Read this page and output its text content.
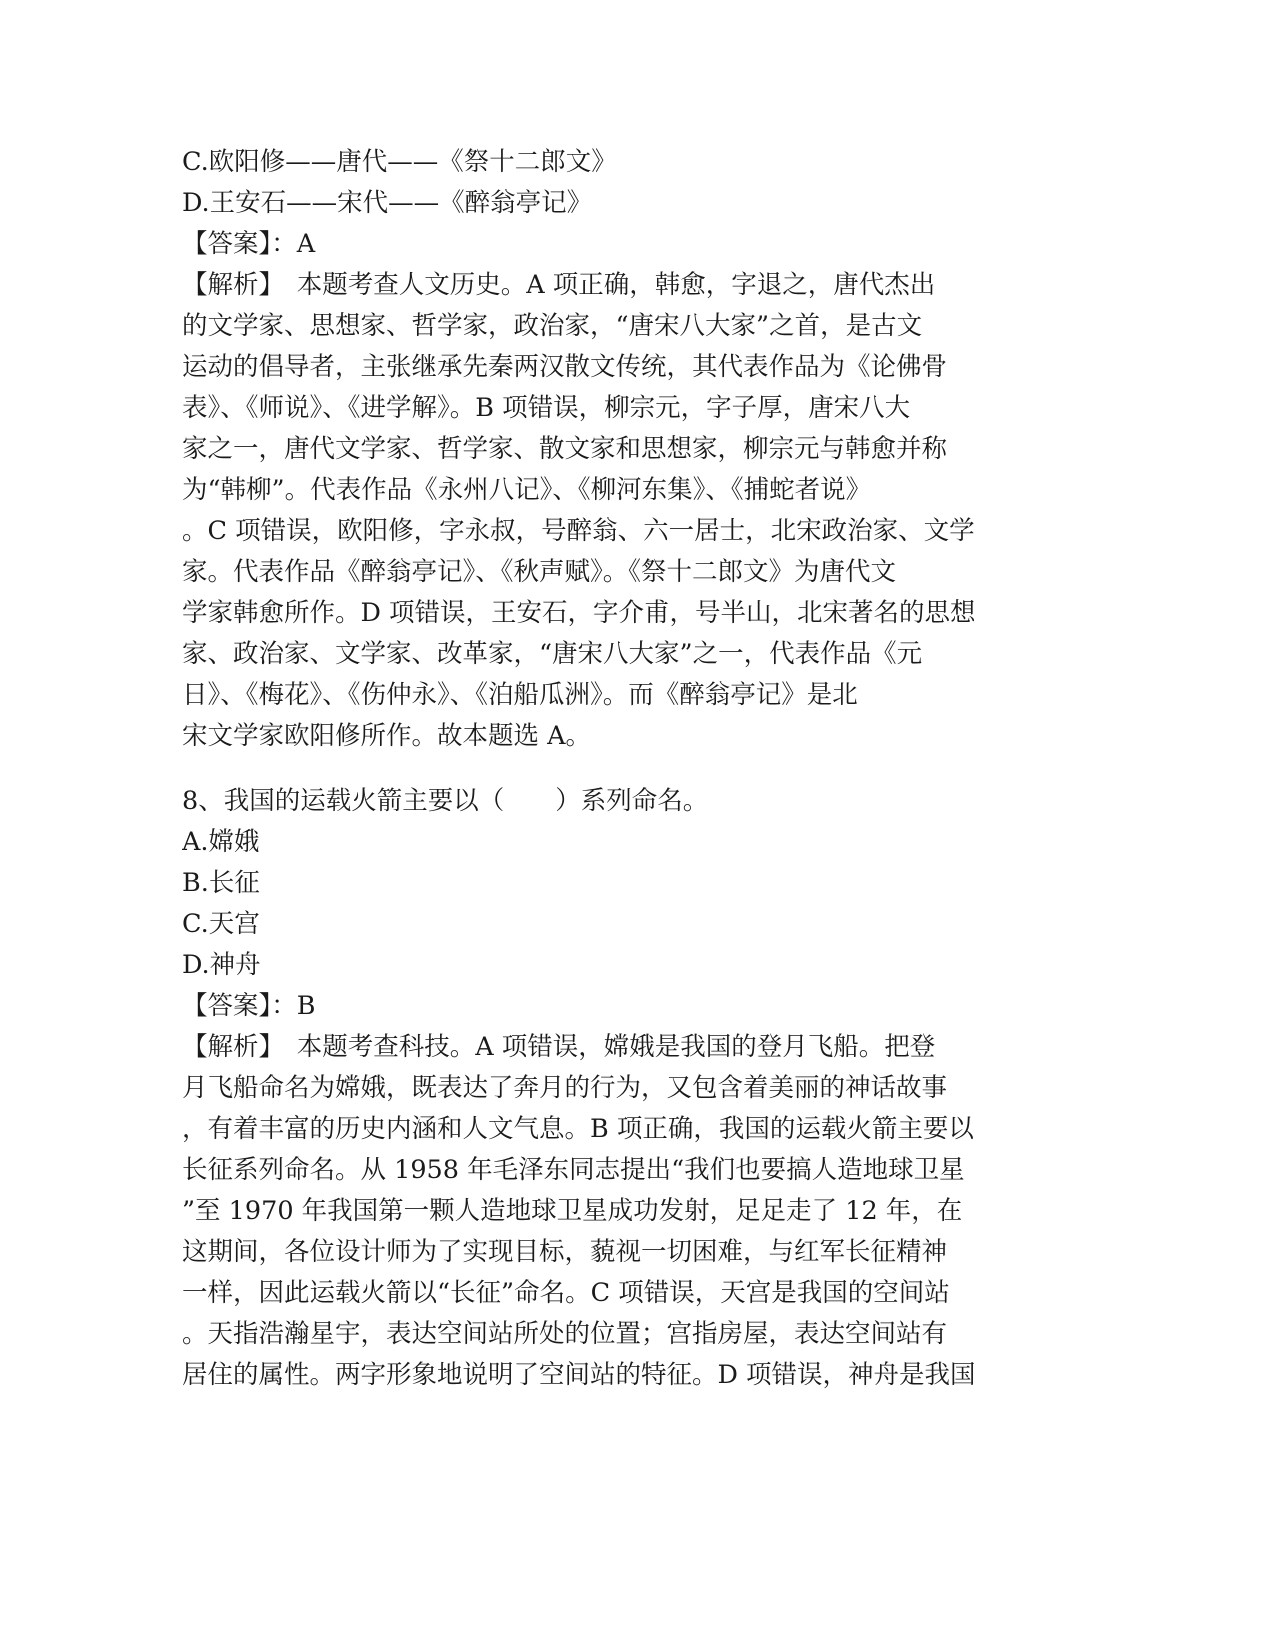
C.欧阳修——唐代——《祭十二郎文》
D.王安石——宋代——《醉翁亭记》
【答案】：A
【解析】　本题考查人文历史。A 项正确，韩愈，字退之，唐代杰出
的文学家、思想家、哲学家，政治家，“唐宋八大家”之首，是古文
运动的倡导者，主张继承先秦两汉散文传统，其代表作品为《论佛骨
表》、《师说》、《进学解》。B 项错误，柳宗元，字子厚，唐宋八大
家之一，唐代文学家、哲学家、散文家和思想家，柳宗元与韩愈并称
为“韩柳”。代表作品《永州八记》、《柳河东集》、《捕蛇者说》
。C 项错误，欧阳修，字永叔，号醉翁、六一居士，北宋政治家、文学
家。代表作品《醉翁亭记》、《秋声赋》。《祭十二郎文》为唐代文
学家韩愈所作。D 项错误，王安石，字介甫，号半山，北宋著名的思想
家、政治家、文学家、改革家，“唐宋八大家”之一，代表作品《元
日》、《梅花》、《伤仲永》、《泊船瓜洲》。而《醉翁亭记》是北
宋文学家欧阳修所作。故本题选 A。
8、我国的运载火箭主要以（　　）系列命名。
A.嫦娥
B.长征
C.天宫
D.神舟
【答案】：B
【解析】　本题考查科技。A 项错误，嫦娥是我国的登月飞船。把登
月飞船命名为嫦娥，既表达了奔月的行为，又包含着美丽的神话故事
，有着丰富的历史内涵和人文气息。B 项正确，我国的运载火箭主要以
长征系列命名。从 1958 年毛泽东同志提出“我们也要搞人造地球卫星
”至 1970 年我国第一颗人造地球卫星成功发射，足足走了 12 年，在
这期间，各位设计师为了实现目标，藐视一切困难，与红军长征精神
一样，因此运载火箭以“长征”命名。C 项错误，天宫是我国的空间站
。天指浩瀚星宇，表达空间站所处的位置；宫指房屋，表达空间站有
居住的属性。两字形象地说明了空间站的特征。D 项错误，神舟是我国
